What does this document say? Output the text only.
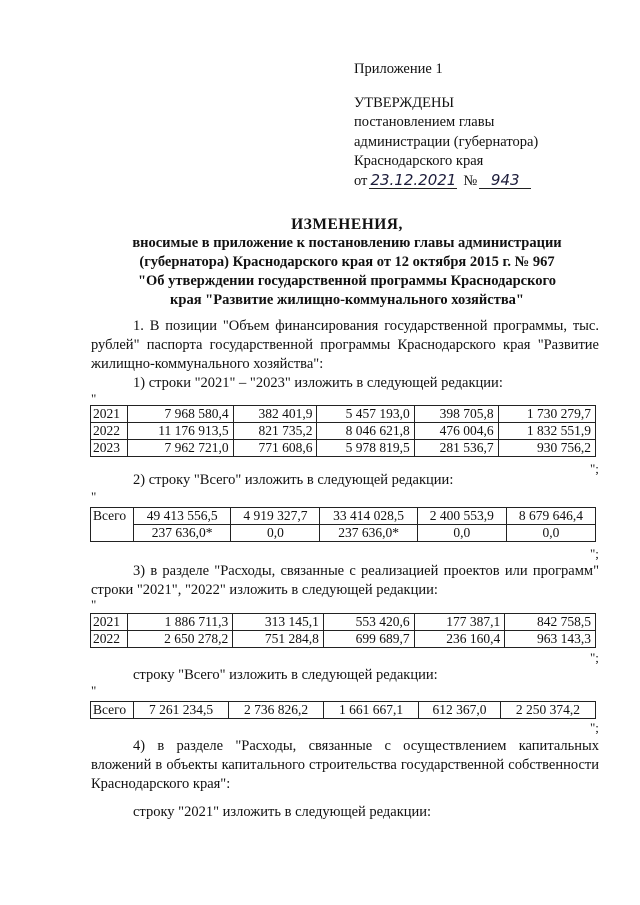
Приложение 1
УТВЕРЖДЕНЫ
постановлением главы
администрации (губернатора)
Краснодарского края
от 23.12.2021 № 943
ИЗМЕНЕНИЯ,
вносимые в приложение к постановлению главы администрации
(губернатора) Краснодарского края от 12 октября 2015 г. № 967
"Об утверждении государственной программы Краснодарского
края "Развитие жилищно-коммунального хозяйства"
1. В позиции "Объем финансирования государственной программы, тыс. рублей" паспорта государственной программы Краснодарского края "Развитие жилищно-коммунального хозяйства":
1) строки "2021" – "2023" изложить в следующей редакции:
"
2021	7 968 580,4	382 401,9	5 457 193,0	398 705,8	1 730 279,7
2022	11 176 913,5	821 735,2	8 046 621,8	476 004,6	1 832 551,9
2023	7 962 721,0	771 608,6	5 978 819,5	281 536,7	930 756,2
";
2) строку "Всего" изложить в следующей редакции:
"
Всего	49 413 556,5	4 919 327,7	33 414 028,5	2 400 553,9	8 679 646,4
	237 636,0*	0,0	237 636,0*	0,0	0,0
";
3) в разделе "Расходы, связанные с реализацией проектов или программ" строки "2021", "2022" изложить в следующей редакции:
"
2021	1 886 711,3	313 145,1	553 420,6	177 387,1	842 758,5
2022	2 650 278,2	751 284,8	699 689,7	236 160,4	963 143,3
";
строку "Всего" изложить в следующей редакции:
"
Всего	7 261 234,5	2 736 826,2	1 661 667,1	612 367,0	2 250 374,2
";
4) в разделе "Расходы, связанные с осуществлением капитальных вложений в объекты капитального строительства государственной собственности Краснодарского края":
строку "2021" изложить в следующей редакции:
